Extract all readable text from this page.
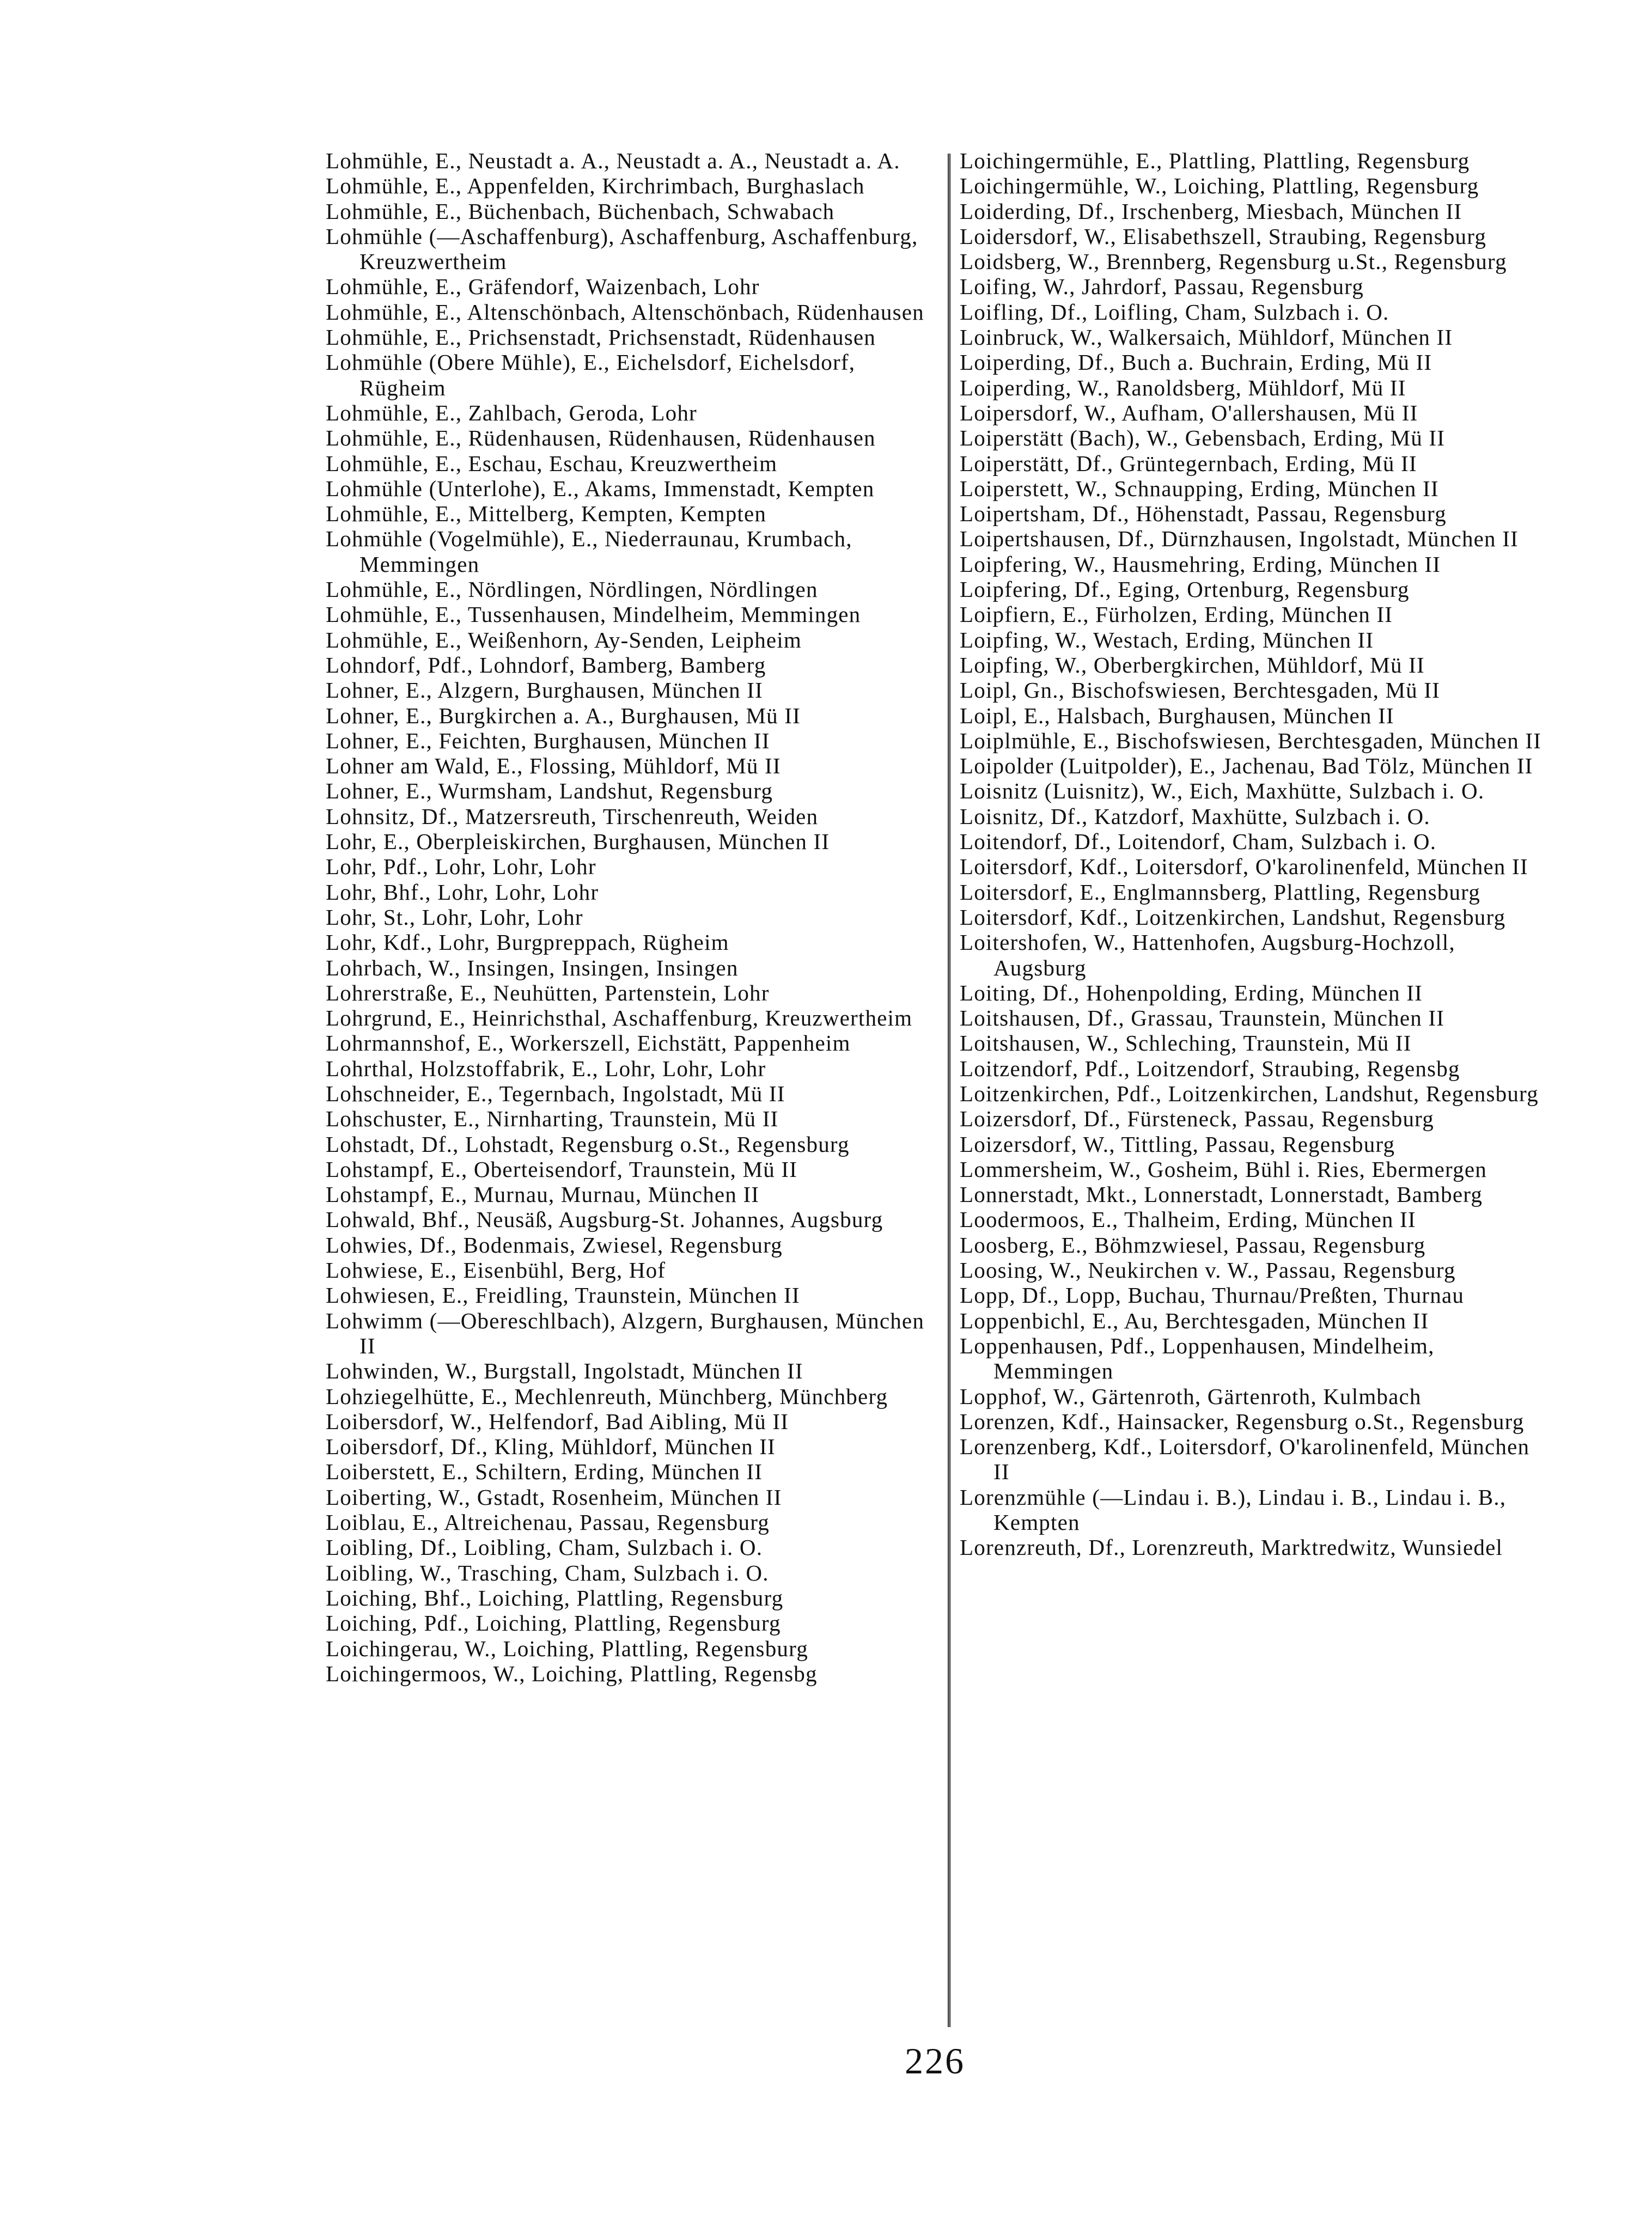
Lohmühle, E., Neustadt a. A., Neustadt a. A., Neustadt a. A.

Lohmühle, E., Appenfelden, Kirchrimbach, Burghaslach

Lohmühle, E., Büchenbach, Büchenbach, Schwabach

Lohmühle (—Aschaffenburg), Aschaffenburg, Aschaffenburg, Kreuzwertheim

Lohmühle, E., Gräfendorf, Waizenbach, Lohr

Lohmühle, E., Altenschönbach, Altenschönbach, Rüdenhausen

Lohmühle, E., Prichsenstadt, Prichsenstadt, Rüdenhausen

Lohmühle (Obere Mühle), E., Eichelsdorf, Eichelsdorf, Rügheim

Lohmühle, E., Zahlbach, Geroda, Lohr

Lohmühle, E., Rüdenhausen, Rüdenhausen, Rüdenhausen

Lohmühle, E., Eschau, Eschau, Kreuzwertheim

Lohmühle (Unterlohe), E., Akams, Immenstadt, Kempten

Lohmühle, E., Mittelberg, Kempten, Kempten

Lohmühle (Vogelmühle), E., Niederraunau, Krumbach, Memmingen

Lohmühle, E., Nördlingen, Nördlingen, Nördlingen

Lohmühle, E., Tussenhausen, Mindelheim, Memmingen

Lohmühle, E., Weißenhorn, Ay-Senden, Leipheim

Lohndorf, Pdf., Lohndorf, Bamberg, Bamberg

Lohner, E., Alzgern, Burghausen, München II

Lohner, E., Burgkirchen a. A., Burghausen, Mü II

Lohner, E., Feichten, Burghausen, München II

Lohner am Wald, E., Flossing, Mühldorf, Mü II

Lohner, E., Wurmsham, Landshut, Regensburg

Lohnsitz, Df., Matzersreuth, Tirschenreuth, Weiden

Lohr, E., Oberpleiskirchen, Burghausen, München II

Lohr, Pdf., Lohr, Lohr, Lohr

Lohr, Bhf., Lohr, Lohr, Lohr

Lohr, St., Lohr, Lohr, Lohr

Lohr, Kdf., Lohr, Burgpreppach, Rügheim

Lohrbach, W., Insingen, Insingen, Insingen

Lohrerstraße, E., Neuhütten, Partenstein, Lohr

Lohrgrund, E., Heinrichsthal, Aschaffenburg, Kreuzwertheim

Lohrmannshof, E., Workerszell, Eichstätt, Pappenheim

Lohrthal, Holzstoffabrik, E., Lohr, Lohr, Lohr

Lohschneider, E., Tegernbach, Ingolstadt, Mü II

Lohschuster, E., Nirnharting, Traunstein, Mü II

Lohstadt, Df., Lohstadt, Regensburg o.St., Regensburg

Lohstampf, E., Oberteisendorf, Traunstein, Mü II

Lohstampf, E., Murnau, Murnau, München II

Lohwald, Bhf., Neusäß, Augsburg-St. Johannes, Augsburg

Lohwies, Df., Bodenmais, Zwiesel, Regensburg

Lohwiese, E., Eisenbühl, Berg, Hof

Lohwiesen, E., Freidling, Traunstein, München II

Lohwimm (—Obereschlbach), Alzgern, Burghausen, München II

Lohwinden, W., Burgstall, Ingolstadt, München II

Lohziegelhütte, E., Mechlenreuth, Münchberg, Münchberg

Loibersdorf, W., Helfendorf, Bad Aibling, Mü II

Loibersdorf, Df., Kling, Mühldorf, München II

Loiberstett, E., Schiltern, Erding, München II

Loiberting, W., Gstadt, Rosenheim, München II

Loiblau, E., Altreichenau, Passau, Regensburg

Loibling, Df., Loibling, Cham, Sulzbach i. O.

Loibling, W., Trasching, Cham, Sulzbach i. O.

Loiching, Bhf., Loiching, Plattling, Regensburg

Loiching, Pdf., Loiching, Plattling, Regensburg

Loichingerau, W., Loiching, Plattling, Regensburg

Loichingermoos, W., Loiching, Plattling, Regensbg

Loichingermühle, E., Plattling, Plattling, Regensburg

Loichingermühle, W., Loiching, Plattling, Regensburg

Loiderding, Df., Irschenberg, Miesbach, München II

Loidersdorf, W., Elisabethszell, Straubing, Regensburg

Loidsberg, W., Brennberg, Regensburg u.St., Regensburg

Loifing, W., Jahrdorf, Passau, Regensburg

Loifling, Df., Loifling, Cham, Sulzbach i. O.

Loinbruck, W., Walkersaich, Mühldorf, München II

Loiperding, Df., Buch a. Buchrain, Erding, Mü II

Loiperding, W., Ranoldsberg, Mühldorf, Mü II

Loipersdorf, W., Aufham, O'allershausen, Mü II

Loiperstätt (Bach), W., Gebensbach, Erding, Mü II

Loiperstätt, Df., Grüntegernbach, Erding, Mü II

Loiperstett, W., Schnaupping, Erding, München II

Loipertsham, Df., Höhenstadt, Passau, Regensburg

Loipertshausen, Df., Dürnzhausen, Ingolstadt, München II

Loipfering, W., Hausmehring, Erding, München II

Loipfering, Df., Eging, Ortenburg, Regensburg

Loipfiern, E., Fürholzen, Erding, München II

Loipfing, W., Westach, Erding, München II

Loipfing, W., Oberbergkirchen, Mühldorf, Mü II

Loipl, Gn., Bischofswiesen, Berchtesgaden, Mü II

Loipl, E., Halsbach, Burghausen, München II

Loiplmühle, E., Bischofswiesen, Berchtesgaden, München II

Loipolder (Luitpolder), E., Jachenau, Bad Tölz, München II

Loisnitz (Luisnitz), W., Eich, Maxhütte, Sulzbach i. O.

Loisnitz, Df., Katzdorf, Maxhütte, Sulzbach i. O.

Loitendorf, Df., Loitendorf, Cham, Sulzbach i. O.

Loitersdorf, Kdf., Loitersdorf, O'karolinenfeld, München II

Loitersdorf, E., Englmannsberg, Plattling, Regensburg

Loitersdorf, Kdf., Loitzenkirchen, Landshut, Regensburg

Loitershofen, W., Hattenhofen, Augsburg-Hochzoll, Augsburg

Loiting, Df., Hohenpolding, Erding, München II

Loitshausen, Df., Grassau, Traunstein, München II

Loitshausen, W., Schleching, Traunstein, Mü II

Loitzendorf, Pdf., Loitzendorf, Straubing, Regensbg

Loitzenkirchen, Pdf., Loitzenkirchen, Landshut, Regensburg

Loizersdorf, Df., Fürsteneck, Passau, Regensburg

Loizersdorf, W., Tittling, Passau, Regensburg

Lommersheim, W., Gosheim, Bühl i. Ries, Ebermergen

Lonnerstadt, Mkt., Lonnerstadt, Lonnerstadt, Bamberg

Loodermoos, E., Thalheim, Erding, München II

Loosberg, E., Böhmzwiesel, Passau, Regensburg

Loosing, W., Neukirchen v. W., Passau, Regensburg

Lopp, Df., Lopp, Buchau, Thurnau/Preßten, Thurnau

Loppenbichl, E., Au, Berchtesgaden, München II

Loppenhausen, Pdf., Loppenhausen, Mindelheim, Memmingen

Lopphof, W., Gärtenroth, Gärtenroth, Kulmbach

Lorenzen, Kdf., Hainsacker, Regensburg o.St., Regensburg

Lorenzenberg, Kdf., Loitersdorf, O'karolinenfeld, München II

Lorenzmühle (—Lindau i. B.), Lindau i. B., Lindau i. B., Kempten

Lorenzreuth, Df., Lorenzreuth, Marktredwitz, Wunsiedel

226
